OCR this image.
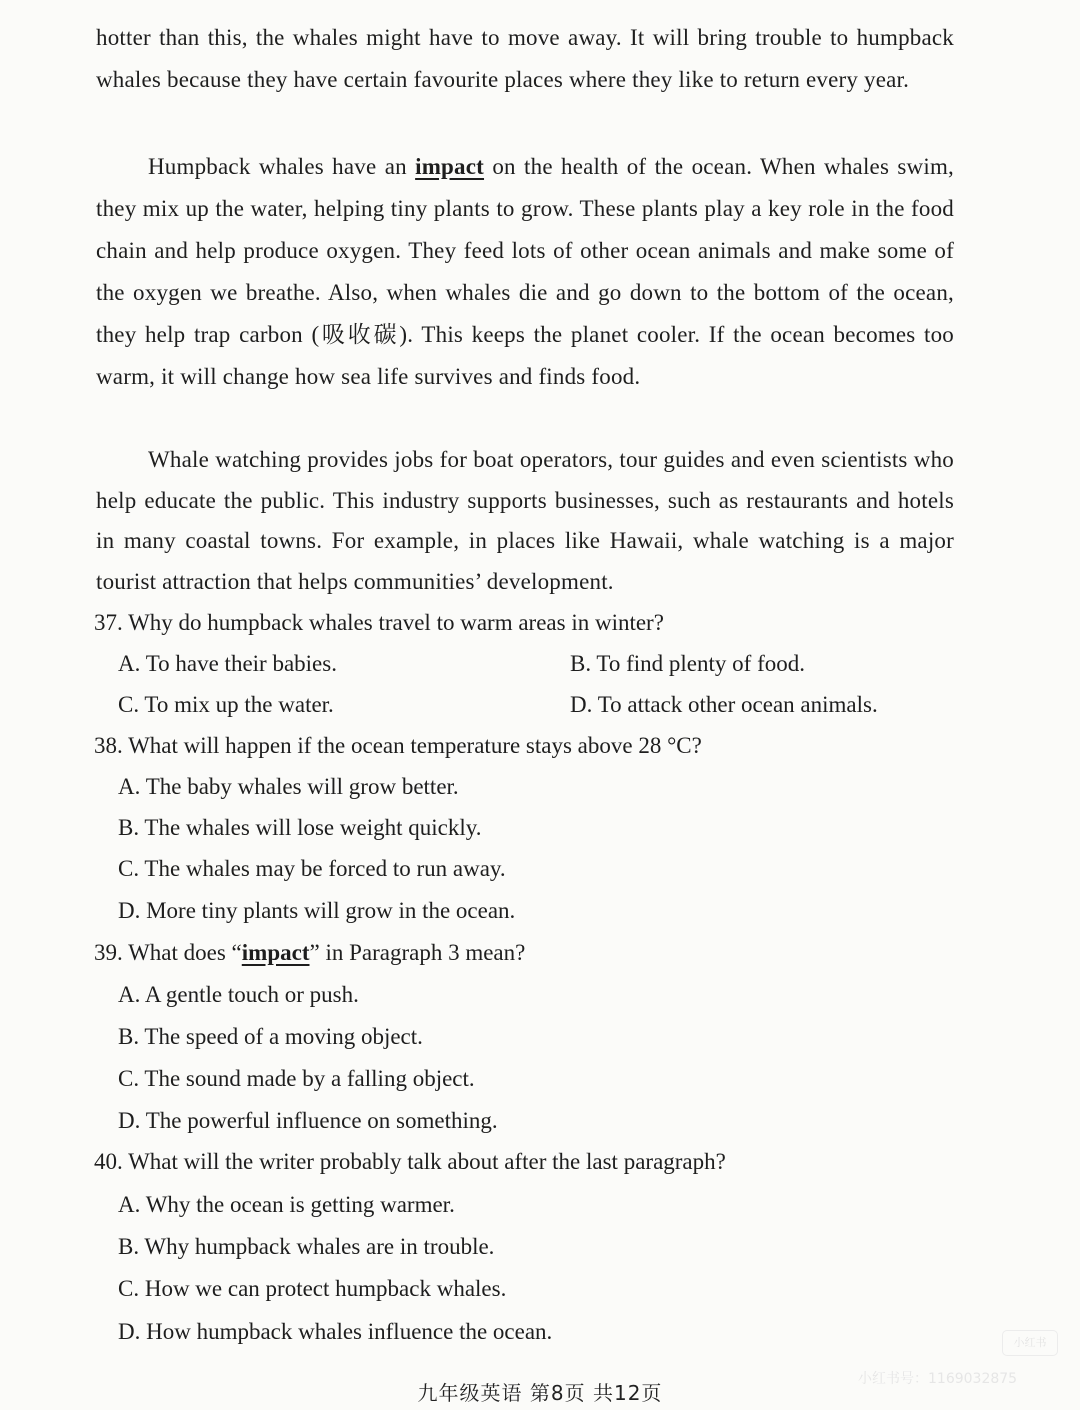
hotter than this, the whales might have to move away. It will bring trouble to humpback whales because they have certain favourite places where they like to return every year.

Humpback whales have an impact on the health of the ocean. When whales swim, they mix up the water, helping tiny plants to grow. These plants play a key role in the food chain and help produce oxygen. They feed lots of other ocean animals and make some of the oxygen we breathe. Also, when whales die and go down to the bottom of the ocean, they help trap carbon (吸收碳). This keeps the planet cooler. If the ocean becomes too warm, it will change how sea life survives and finds food.

Whale watching provides jobs for boat operators, tour guides and even scientists who help educate the public. This industry supports businesses, such as restaurants and hotels in many coastal towns. For example, in places like Hawaii, whale watching is a major tourist attraction that helps communities’ development.

37. Why do humpback whales travel to warm areas in winter?

A. To have their babies.	B. To find plenty of food.

C. To mix up the water.	D. To attack other ocean animals.

38. What will happen if the ocean temperature stays above 28 °C?

A. The baby whales will grow better.

B. The whales will lose weight quickly.

C. The whales may be forced to run away.

D. More tiny plants will grow in the ocean.

39. What does “impact” in Paragraph 3 mean?

A. A gentle touch or push.

B. The speed of a moving object.

C. The sound made by a falling object.

D. The powerful influence on something.

40. What will the writer probably talk about after the last paragraph?

A. Why the ocean is getting warmer.

B. Why humpback whales are in trouble.

C. How we can protect humpback whales.

D. How humpback whales influence the ocean.	小红书
小红书号：1169032875
九年级英语 第8页 共12页
